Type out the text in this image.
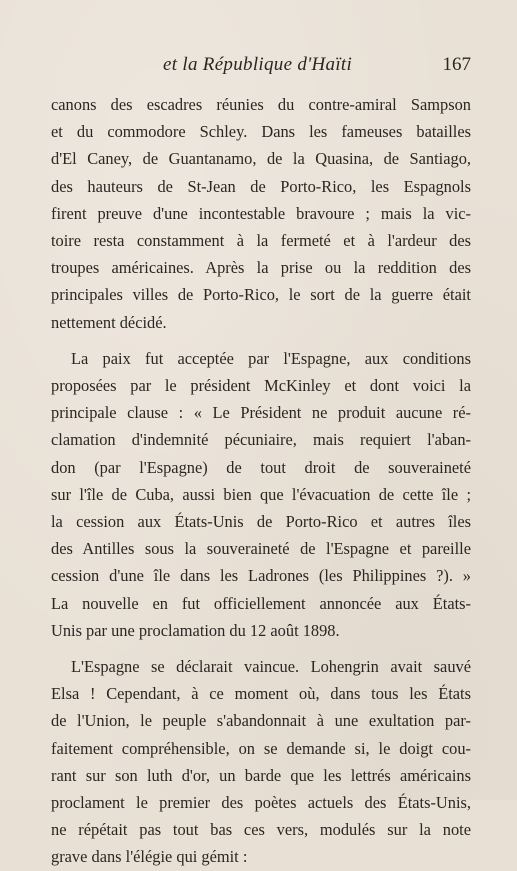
et la République d'Haïti	167
canons des escadres réunies du contre-amiral Sampson
et du commodore Schley. Dans les fameuses batailles
d'El Caney, de Guantanamo, de la Quasina, de Santiago,
des hauteurs de St-Jean de Porto-Rico, les Espagnols
firent preuve d'une incontestable bravoure ; mais la vic-
toire resta constamment à la fermeté et à l'ardeur des
troupes américaines. Après la prise ou la reddition des
principales villes de Porto-Rico, le sort de la guerre était
nettement décidé.
La paix fut acceptée par l'Espagne, aux conditions
proposées par le président McKinley et dont voici la
principale clause : « Le Président ne produit aucune ré-
clamation d'indemnité pécuniaire, mais requiert l'aban-
don (par l'Espagne) de tout droit de souveraineté
sur l'île de Cuba, aussi bien que l'évacuation de cette île ;
la cession aux États-Unis de Porto-Rico et autres îles
des Antilles sous la souveraineté de l'Espagne et pareille
cession d'une île dans les Ladrones (les Philippines ?). »
La nouvelle en fut officiellement annoncée aux États-
Unis par une proclamation du 12 août 1898.
L'Espagne se déclarait vaincue. Lohengrin avait sauvé
Elsa ! Cependant, à ce moment où, dans tous les États
de l'Union, le peuple s'abandonnait à une exultation par-
faitement compréhensible, on se demande si, le doigt cou-
rant sur son luth d'or, un barde que les lettrés américains
proclament le premier des poètes actuels des États-Unis,
ne répétait pas tout bas ces vers, modulés sur la note
grave dans l'élégie qui gémit :
